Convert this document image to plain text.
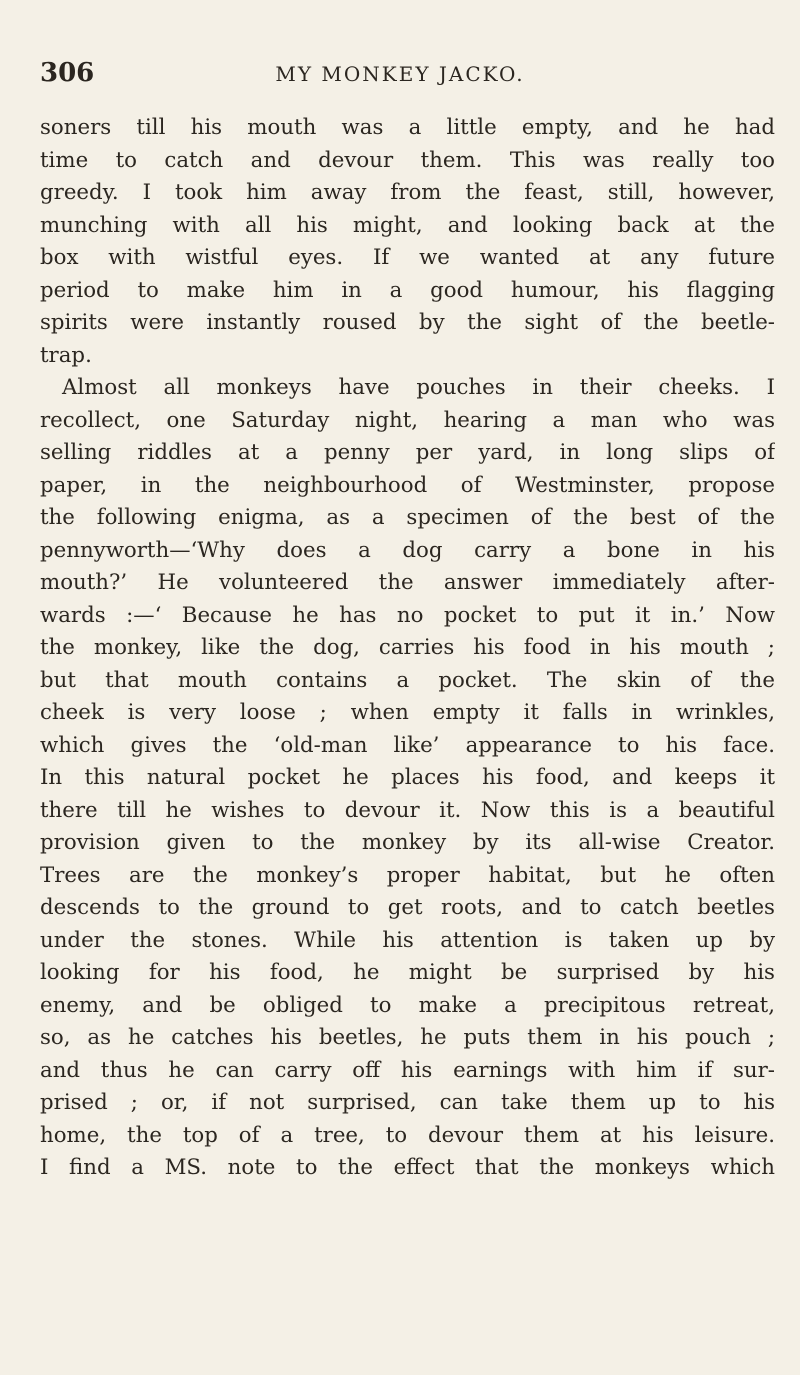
306	MY MONKEY JACKO.
soners till his mouth was a little empty, and he had
time to catch and devour them. This was really too
greedy. I took him away from the feast, still, however,
munching with all his might, and looking back at the
box with wistful eyes. If we wanted at any future
period to make him in a good humour, his flagging
spirits were instantly roused by the sight of the beetle-
trap.
Almost all monkeys have pouches in their cheeks. I
recollect, one Saturday night, hearing a man who was
selling riddles at a penny per yard, in long slips of
paper, in the neighbourhood of Westminster, propose
the following enigma, as a specimen of the best of the
pennyworth—‘Why does a dog carry a bone in his
mouth?’ He volunteered the answer immediately after-
wards :—‘ Because he has no pocket to put it in.’ Now
the monkey, like the dog, carries his food in his mouth ;
but that mouth contains a pocket. The skin of the
cheek is very loose ; when empty it falls in wrinkles,
which gives the ‘old-man like’ appearance to his face.
In this natural pocket he places his food, and keeps it
there till he wishes to devour it. Now this is a beautiful
provision given to the monkey by its all-wise Creator.
Trees are the monkey’s proper habitat, but he often
descends to the ground to get roots, and to catch beetles
under the stones. While his attention is taken up by
looking for his food, he might be surprised by his
enemy, and be obliged to make a precipitous retreat,
so, as he catches his beetles, he puts them in his pouch ;
and thus he can carry off his earnings with him if sur-
prised ; or, if not surprised, can take them up to his
home, the top of a tree, to devour them at his leisure.
I find a MS. note to the effect that the monkeys which
